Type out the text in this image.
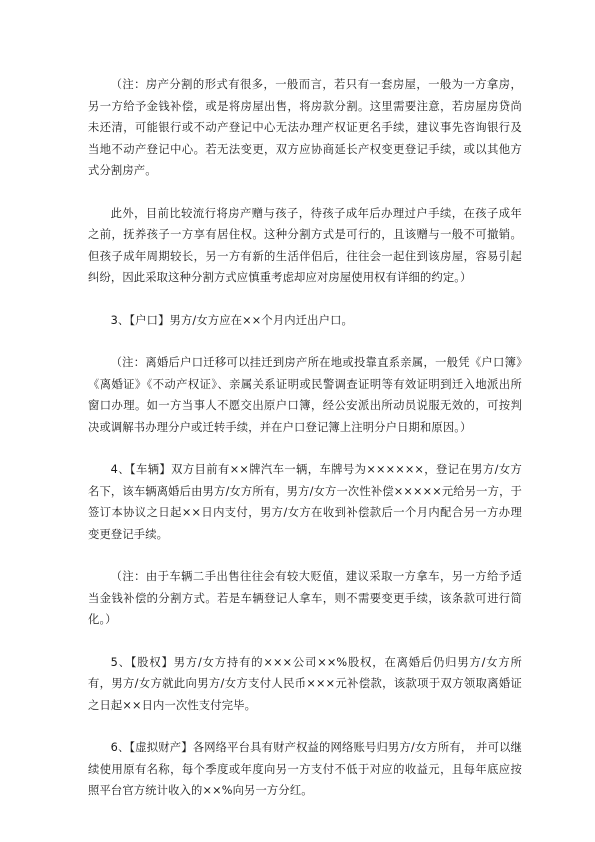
（注：房产分割的形式有很多，一般而言，若只有一套房屋，一般为一方拿房，另一方给予金钱补偿，或是将房屋出售，将房款分割。这里需要注意，若房屋房贷尚未还清，可能银行或不动产登记中心无法办理产权证更名手续，建议事先咨询银行及当地不动产登记中心。若无法变更，双方应协商延长产权变更登记手续，或以其他方式分割房产。

此外，目前比较流行将房产赠与孩子，待孩子成年后办理过户手续，在孩子成年之前，抚养孩子一方享有居住权。这种分割方式是可行的，且该赠与一般不可撤销。但孩子成年周期较长，另一方有新的生活伴侣后，往往会一起住到该房屋，容易引起纠纷，因此采取这种分割方式应慎重考虑却应对房屋使用权有详细的约定。）

3、【户口】男方/女方应在××个月内迁出户口。

（注：离婚后户口迁移可以挂迁到房产所在地或投靠直系亲属，一般凭《户口簿》《离婚证》《不动产权证》、亲属关系证明或民警调查证明等有效证明到迁入地派出所窗口办理。如一方当事人不愿交出原户口簿，经公安派出所动员说服无效的，可按判决或调解书办理分户或迁转手续，并在户口登记簿上注明分户日期和原因。）

4、【车辆】双方目前有××牌汽车一辆，车牌号为××××××，登记在男方/女方名下，该车辆离婚后由男方/女方所有，男方/女方一次性补偿×××××元给另一方，于签订本协议之日起××日内支付，男方/女方在收到补偿款后一个月内配合另一方办理变更登记手续。

（注：由于车辆二手出售往往会有较大贬值，建议采取一方拿车，另一方给予适当金钱补偿的分割方式。若是车辆登记人拿车，则不需要变更手续，该条款可进行简化。）

5、【股权】男方/女方持有的×××公司××%股权，在离婚后仍归男方/女方所有，男方/女方就此向男方/女方支付人民币×××元补偿款，该款项于双方领取离婚证之日起××日内一次性支付完毕。

6、【虚拟财产】各网络平台具有财产权益的网络账号归男方/女方所有， 并可以继续使用原有名称，每个季度或年度向另一方支付不低于对应的收益元，且每年底应按照平台官方统计收入的××%向另一方分红。
